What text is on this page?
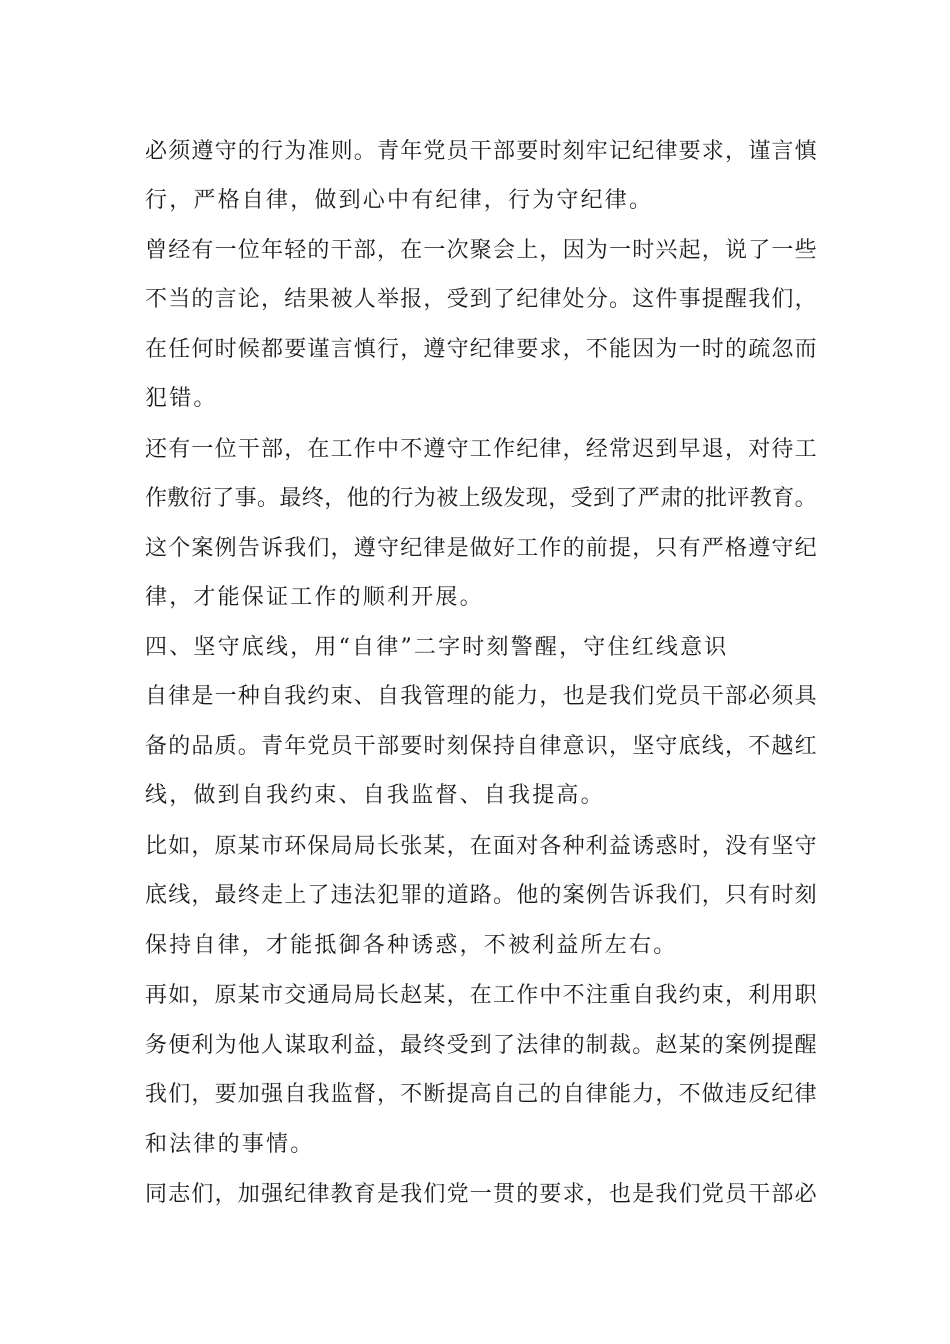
必须遵守的行为准则。青年党员干部要时刻牢记纪律要求，谨言慎
行，严格自律，做到心中有纪律，行为守纪律。
曾经有一位年轻的干部，在一次聚会上，因为一时兴起，说了一些
不当的言论，结果被人举报，受到了纪律处分。这件事提醒我们，
在任何时候都要谨言慎行，遵守纪律要求，不能因为一时的疏忽而
犯错。
还有一位干部，在工作中不遵守工作纪律，经常迟到早退，对待工
作敷衍了事。最终，他的行为被上级发现，受到了严肃的批评教育。
这个案例告诉我们，遵守纪律是做好工作的前提，只有严格遵守纪
律，才能保证工作的顺利开展。
四、坚守底线，用“自律”二字时刻警醒，守住红线意识
自律是一种自我约束、自我管理的能力，也是我们党员干部必须具
备的品质。青年党员干部要时刻保持自律意识，坚守底线，不越红
线，做到自我约束、自我监督、自我提高。
比如，原某市环保局局长张某，在面对各种利益诱惑时，没有坚守
底线，最终走上了违法犯罪的道路。他的案例告诉我们，只有时刻
保持自律，才能抵御各种诱惑，不被利益所左右。
再如，原某市交通局局长赵某，在工作中不注重自我约束，利用职
务便利为他人谋取利益，最终受到了法律的制裁。赵某的案例提醒
我们，要加强自我监督，不断提高自己的自律能力，不做违反纪律
和法律的事情。
同志们，加强纪律教育是我们党一贯的要求，也是我们党员干部必
